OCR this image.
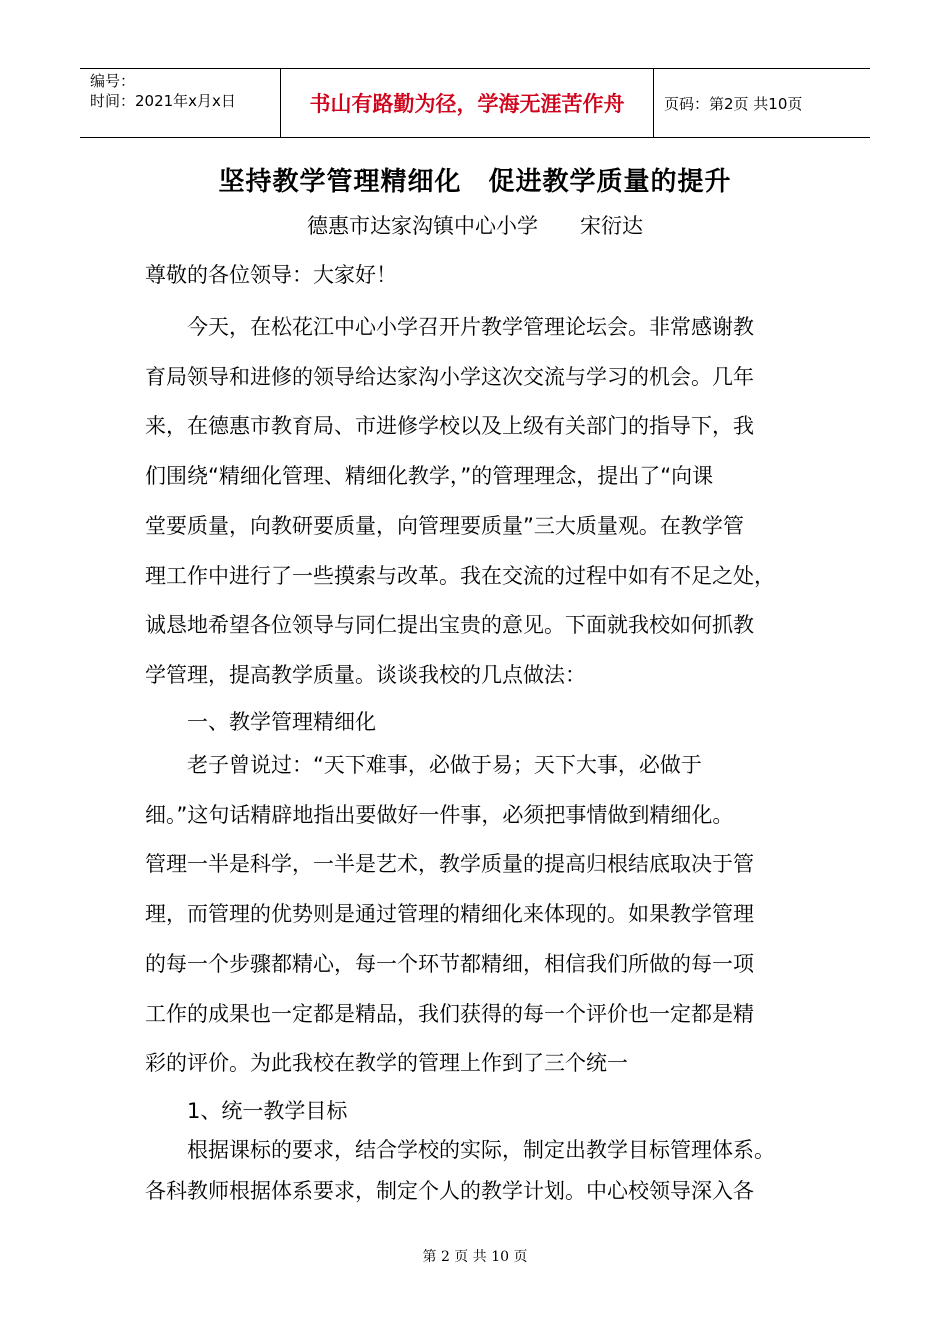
编号：
时间：2021年x月x日	书山有路勤为径，学海无涯苦作舟	页码：第2页 共10页
坚持教学管理精细化　促进教学质量的提升
德惠市达家沟镇中心小学 宋衍达
尊敬的各位领导：大家好！
　　今天，在松花江中心小学召开片教学管理论坛会。非常感谢教
育局领导和进修的领导给达家沟小学这次交流与学习的机会。几年
来，在德惠市教育局、市进修学校以及上级有关部门的指导下，我
们围绕“精细化管理、精细化教学，”的管理理念，提出了“向课
堂要质量，向教研要质量，向管理要质量”三大质量观。在教学管
理工作中进行了一些摸索与改革。我在交流的过程中如有不足之处，
诚恳地希望各位领导与同仁提出宝贵的意见。下面就我校如何抓教
学管理，提高教学质量。谈谈我校的几点做法：
　　一、教学管理精细化
　　老子曾说过：“天下难事，必做于易；天下大事，必做于
细。”这句话精辟地指出要做好一件事，必须把事情做到精细化。
管理一半是科学，一半是艺术，教学质量的提高归根结底取决于管
理，而管理的优势则是通过管理的精细化来体现的。如果教学管理
的每一个步骤都精心，每一个环节都精细，相信我们所做的每一项
工作的成果也一定都是精品，我们获得的每一个评价也一定都是精
彩的评价。为此我校在教学的管理上作到了三个统一
　　1、统一教学目标
　　根据课标的要求，结合学校的实际，制定出教学目标管理体系。
各科教师根据体系要求，制定个人的教学计划。中心校领导深入各
第 2 页 共 10 页
